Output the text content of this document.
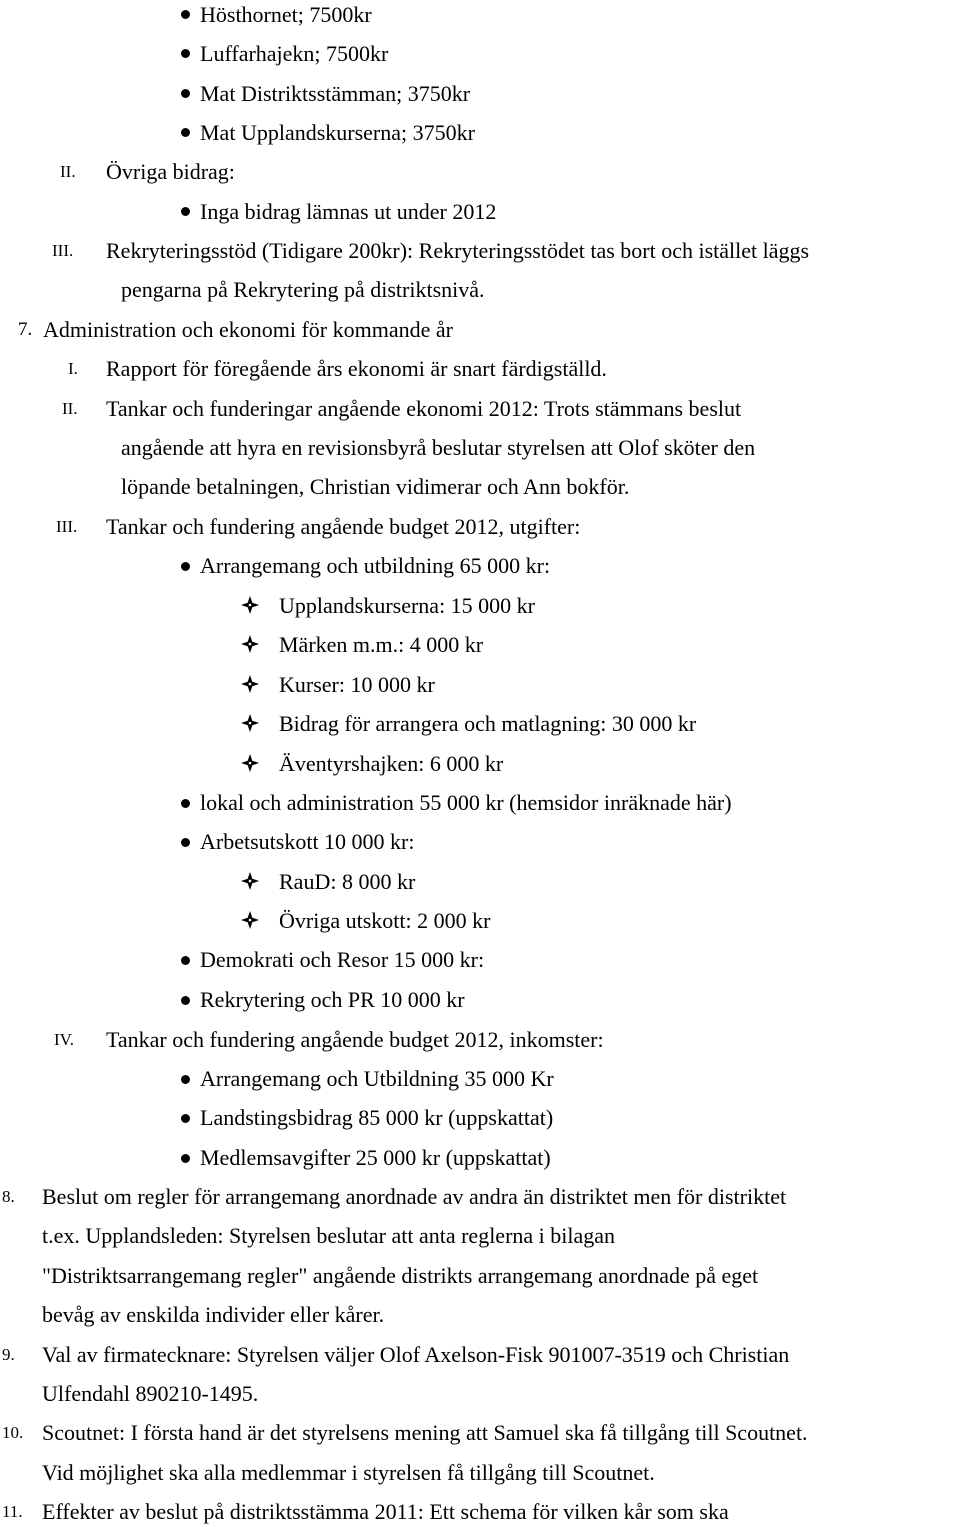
Hösthornet; 7500kr
Luffarhajekn; 7500kr
Mat Distriktsstämman; 3750kr
Mat Upplandskurserna; 3750kr
II. Övriga bidrag:
Inga bidrag lämnas ut under 2012
III. Rekryteringsstöd (Tidigare 200kr): Rekryteringsstödet tas bort och istället läggs
pengarna på Rekrytering på distriktsnivå.
7. Administration och ekonomi för kommande år
I. Rapport för föregående års ekonomi är snart färdigställd.
II. Tankar och funderingar angående ekonomi 2012: Trots stämmans beslut
angående att hyra en revisionsbyrå beslutar styrelsen att Olof sköter den
löpande betalningen, Christian vidimerar och Ann bokför.
III. Tankar och fundering angående budget 2012, utgifter:
Arrangemang och utbildning 65 000 kr:
Upplandskurserna: 15 000 kr
Märken m.m.: 4 000 kr
Kurser: 10 000 kr
Bidrag för arrangera och matlagning: 30 000 kr
Äventyrshajken: 6 000 kr
lokal och administration 55 000 kr (hemsidor inräknade här)
Arbetsutskott 10 000 kr:
RauD: 8 000 kr
Övriga utskott: 2 000 kr
Demokrati och Resor 15 000 kr:
Rekrytering och PR 10 000 kr
IV. Tankar och fundering angående budget 2012, inkomster:
Arrangemang och Utbildning 35 000 Kr
Landstingsbidrag 85 000 kr (uppskattat)
Medlemsavgifter 25 000 kr (uppskattat)
8. Beslut om regler för arrangemang anordnade av andra än distriktet men för distriktet
t.ex. Upplandsleden: Styrelsen beslutar att anta reglerna i bilagan
"Distriktsarrangemang regler" angående distrikts arrangemang anordnade på eget
bevåg av enskilda individer eller kårer.
9. Val av firmatecknare: Styrelsen väljer Olof Axelson-Fisk 901007-3519 och Christian
Ulfendahl 890210-1495.
10. Scoutnet: I första hand är det styrelsens mening att Samuel ska få tillgång till Scoutnet.
Vid möjlighet ska alla medlemmar i styrelsen få tillgång till Scoutnet.
11. Effekter av beslut på distriktsstämma 2011: Ett schema för vilken kår som ska
